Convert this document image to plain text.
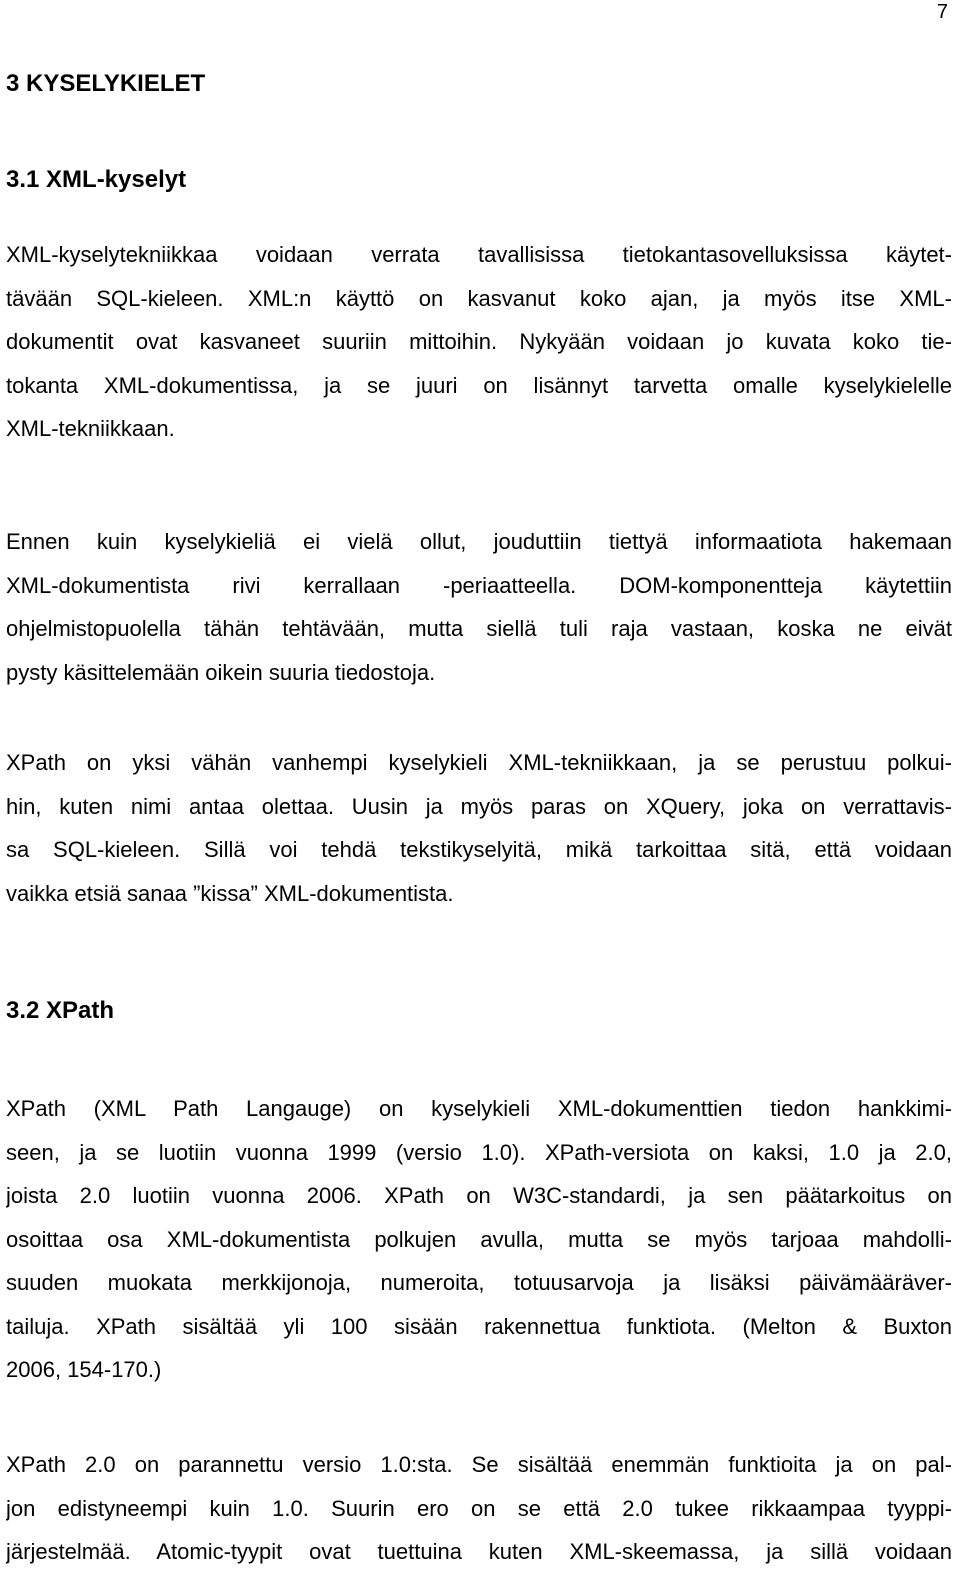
7
3 KYSELYKIELET
3.1 XML-kyselyt
XML-kyselytekniikkaa voidaan verrata tavallisissa tietokantasovelluksissa käytet-
tävään SQL-kieleen. XML:n käyttö on kasvanut koko ajan, ja myös itse XML-
dokumentit ovat kasvaneet suuriin mittoihin. Nykyään voidaan jo kuvata koko tie-
tokanta XML-dokumentissa, ja se juuri on lisännyt tarvetta omalle kyselykielelle
XML-tekniikkaan.
Ennen kuin kyselykieliä ei vielä ollut, jouduttiin tiettyä informaatiota hakemaan
XML-dokumentista rivi kerrallaan -periaatteella. DOM-komponentteja käytettiin
ohjelmistopuolella tähän tehtävään, mutta siellä tuli raja vastaan, koska ne eivät
pysty käsittelemään oikein suuria tiedostoja.
XPath on yksi vähän vanhempi kyselykieli XML-tekniikkaan, ja se perustuu polkui-
hin, kuten nimi antaa olettaa. Uusin ja myös paras on XQuery, joka on verrattavis-
sa SQL-kieleen. Sillä voi tehdä tekstikyselyitä, mikä tarkoittaa sitä, että voidaan
vaikka etsiä sanaa ”kissa” XML-dokumentista.
3.2 XPath
XPath (XML Path Langauge) on kyselykieli XML-dokumenttien tiedon hankkimi-
seen, ja se luotiin vuonna 1999 (versio 1.0). XPath-versiota on kaksi, 1.0 ja 2.0,
joista 2.0 luotiin vuonna 2006. XPath on W3C-standardi, ja sen päätarkoitus on
osoittaa osa XML-dokumentista polkujen avulla, mutta se myös tarjoaa mahdolli-
suuden muokata merkkijonoja, numeroita, totuusarvoja ja lisäksi päivämääräver-
tailuja. XPath sisältää yli 100 sisään rakennettua funktiota. (Melton & Buxton
2006, 154-170.)
XPath 2.0 on parannettu versio 1.0:sta. Se sisältää enemmän funktioita ja on pal-
jon edistyneempi kuin 1.0. Suurin ero on se että 2.0 tukee rikkaampaa tyyppi-
järjestelmää. Atomic-tyypit ovat tuettuina kuten XML-skeemassa, ja sillä voidaan
